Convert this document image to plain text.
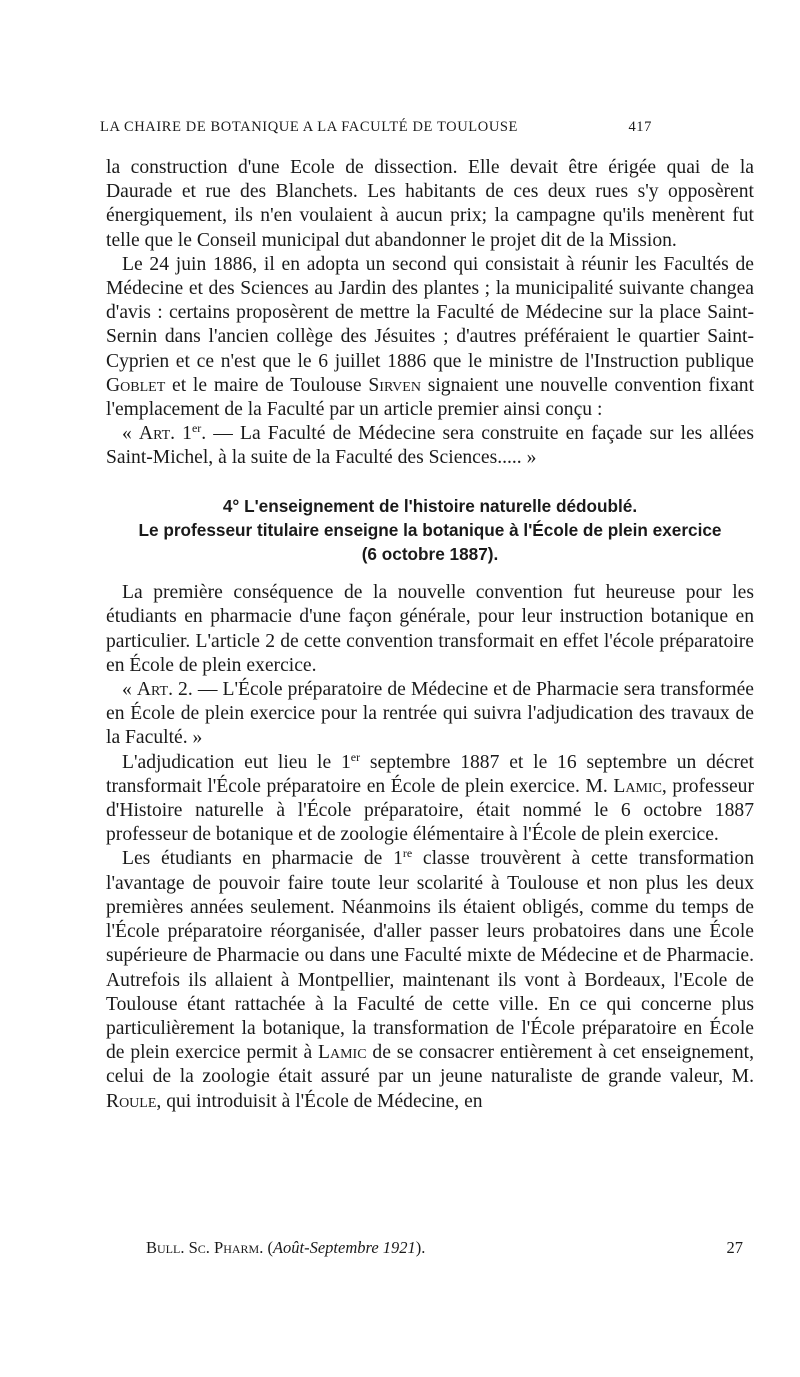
LA CHAIRE DE BOTANIQUE A LA FACULTÉ DE TOULOUSE	417

la construction d'une Ecole de dissection. Elle devait être érigée quai de la Daurade et rue des Blanchets. Les habitants de ces deux rues s'y opposèrent énergiquement, ils n'en voulaient à aucun prix; la campagne qu'ils menèrent fut telle que le Conseil municipal dut abandonner le projet dit de la Mission.

Le 24 juin 1886, il en adopta un second qui consistait à réunir les Facultés de Médecine et des Sciences au Jardin des plantes ; la municipalité suivante changea d'avis : certains proposèrent de mettre la Faculté de Médecine sur la place Saint-Sernin dans l'ancien collège des Jésuites ; d'autres préféraient le quartier Saint-Cyprien et ce n'est que le 6 juillet 1886 que le ministre de l'Instruction publique Goblet et le maire de Toulouse Sirven signaient une nouvelle convention fixant l'emplacement de la Faculté par un article premier ainsi conçu :

« Art. 1er. — La Faculté de Médecine sera construite en façade sur les allées Saint-Michel, à la suite de la Faculté des Sciences..... »

4° L'enseignement de l'histoire naturelle dédoublé.

Le professeur titulaire enseigne la botanique à l'École de plein exercice

(6 octobre 1887).

La première conséquence de la nouvelle convention fut heureuse pour les étudiants en pharmacie d'une façon générale, pour leur instruction botanique en particulier. L'article 2 de cette convention transformait en effet l'école préparatoire en École de plein exercice.

« Art. 2. — L'École préparatoire de Médecine et de Pharmacie sera transformée en École de plein exercice pour la rentrée qui suivra l'adjudication des travaux de la Faculté. »

L'adjudication eut lieu le 1er septembre 1887 et le 16 septembre un décret transformait l'École préparatoire en École de plein exercice. M. Lamic, professeur d'Histoire naturelle à l'École préparatoire, était nommé le 6 octobre 1887 professeur de botanique et de zoologie élémentaire à l'École de plein exercice.

Les étudiants en pharmacie de 1re classe trouvèrent à cette transformation l'avantage de pouvoir faire toute leur scolarité à Toulouse et non plus les deux premières années seulement. Néanmoins ils étaient obligés, comme du temps de l'École préparatoire réorganisée, d'aller passer leurs probatoires dans une École supérieure de Pharmacie ou dans une Faculté mixte de Médecine et de Pharmacie. Autrefois ils allaient à Montpellier, maintenant ils vont à Bordeaux, l'Ecole de Toulouse étant rattachée à la Faculté de cette ville. En ce qui concerne plus particulièrement la botanique, la transformation de l'École préparatoire en École de plein exercice permit à Lamic de se consacrer entièrement à cet enseignement, celui de la zoologie était assuré par un jeune naturaliste de grande valeur, M. Roule, qui introduisit à l'École de Médecine, en

Bull. Sc. Pharm. (Août-Septembre 1921).	27
